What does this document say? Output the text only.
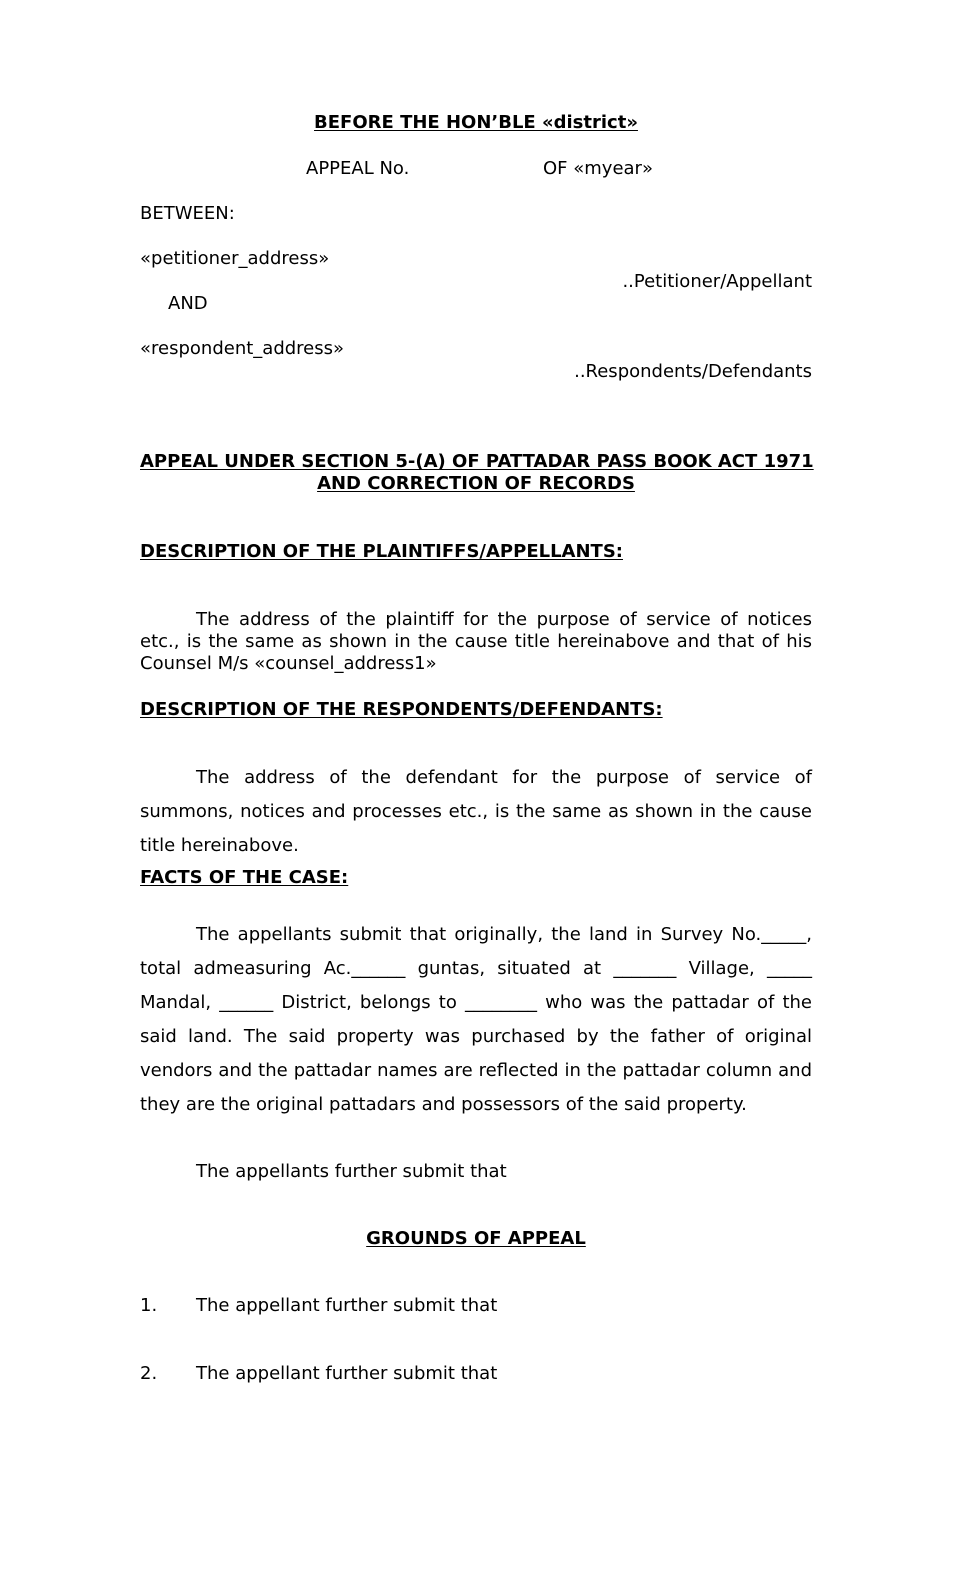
BEFORE THE HON’BLE «district»
APPEAL No.	OF «myear»
BETWEEN:
«petitioner_address»
..Petitioner/Appellant
AND
«respondent_address»
..Respondents/Defendants
APPEAL UNDER SECTION 5-(A) OF PATTADAR PASS BOOK ACT 1971
AND CORRECTION OF RECORDS
DESCRIPTION OF THE PLAINTIFFS/APPELLANTS:
The address of the plaintiff for the purpose of service of notices etc., is the same as shown in the cause title hereinabove and that of his Counsel M/s «counsel_address1»
DESCRIPTION OF THE RESPONDENTS/DEFENDANTS:
The address of the defendant for the purpose of service of summons, notices and processes etc., is the same as shown in the cause title hereinabove.
FACTS OF THE CASE:
The appellants submit that originally, the land in Survey No._____, total admeasuring Ac.______ guntas, situated at _______ Village, _____ Mandal, ______ District, belongs to ________ who was the pattadar of the said land. The said property was purchased by the father of original vendors and the pattadar names are reflected in the pattadar column and they are the original pattadars and possessors of the said property.
The appellants further submit that
GROUNDS OF APPEAL
1.	The appellant further submit that
2.	The appellant further submit that
